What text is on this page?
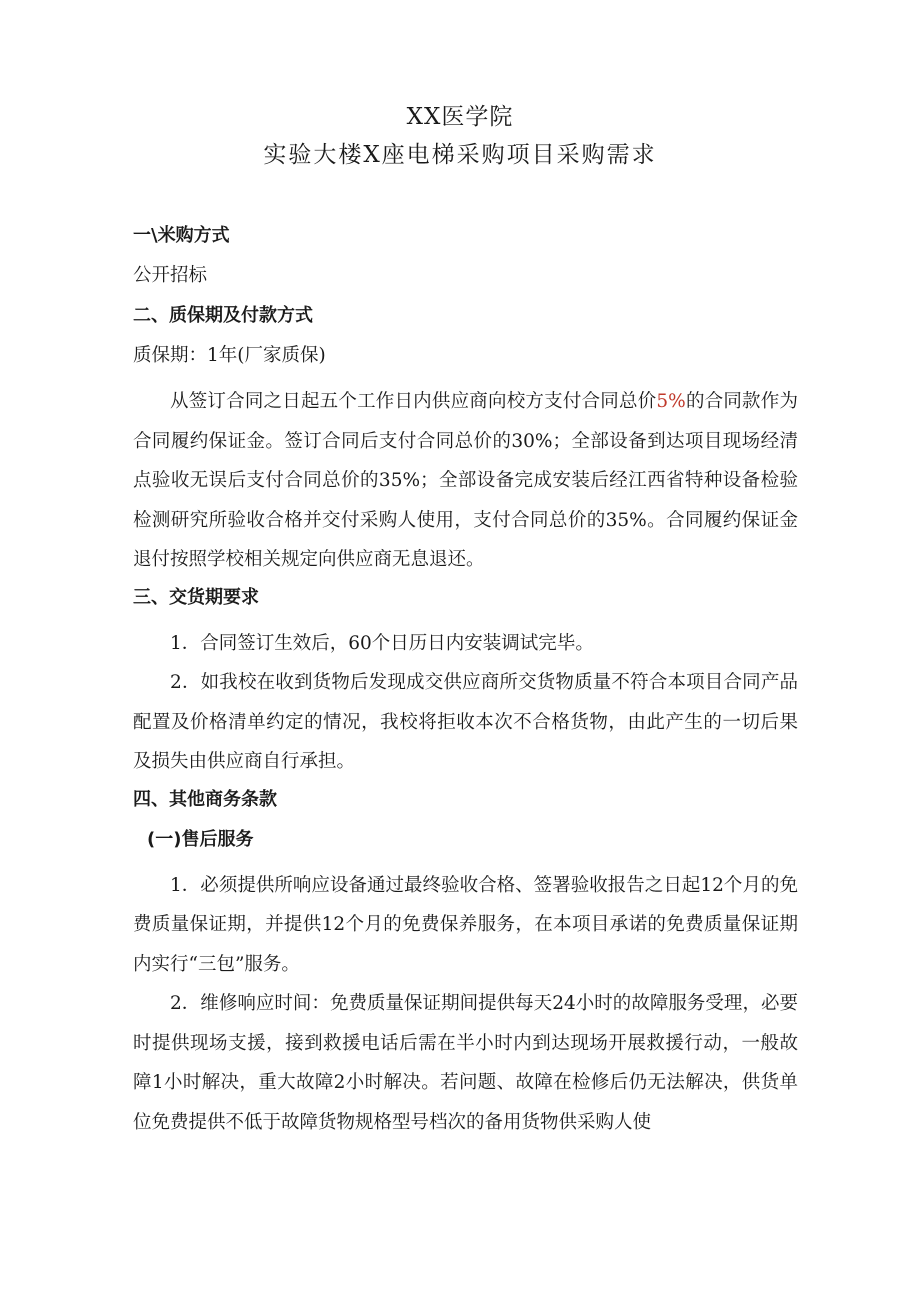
XX医学院
实验大楼X座电梯采购项目采购需求
一\米购方式
公开招标
二、质保期及付款方式
质保期：1年(厂家质保)
从签订合同之日起五个工作日内供应商向校方支付合同总价5%的合同款作为合同履约保证金。签订合同后支付合同总价的30%；全部设备到达项目现场经清点验收无误后支付合同总价的35%；全部设备完成安装后经江西省特种设备检验检测研究所验收合格并交付采购人使用，支付合同总价的35%。合同履约保证金退付按照学校相关规定向供应商无息退还。
三、交货期要求
1．合同签订生效后，60个日历日内安装调试完毕。
2．如我校在收到货物后发现成交供应商所交货物质量不符合本项目合同产品配置及价格清单约定的情况，我校将拒收本次不合格货物，由此产生的一切后果及损失由供应商自行承担。
四、其他商务条款
(一)售后服务
1．必须提供所响应设备通过最终验收合格、签署验收报告之日起12个月的免费质量保证期，并提供12个月的免费保养服务，在本项目承诺的免费质量保证期内实行“三包”服务。
2．维修响应时间：免费质量保证期间提供每天24小时的故障服务受理，必要时提供现场支援，接到救援电话后需在半小时内到达现场开展救援行动，一般故障1小时解决，重大故障2小时解决。若问题、故障在检修后仍无法解决，供货单位免费提供不低于故障货物规格型号档次的备用货物供采购人使
